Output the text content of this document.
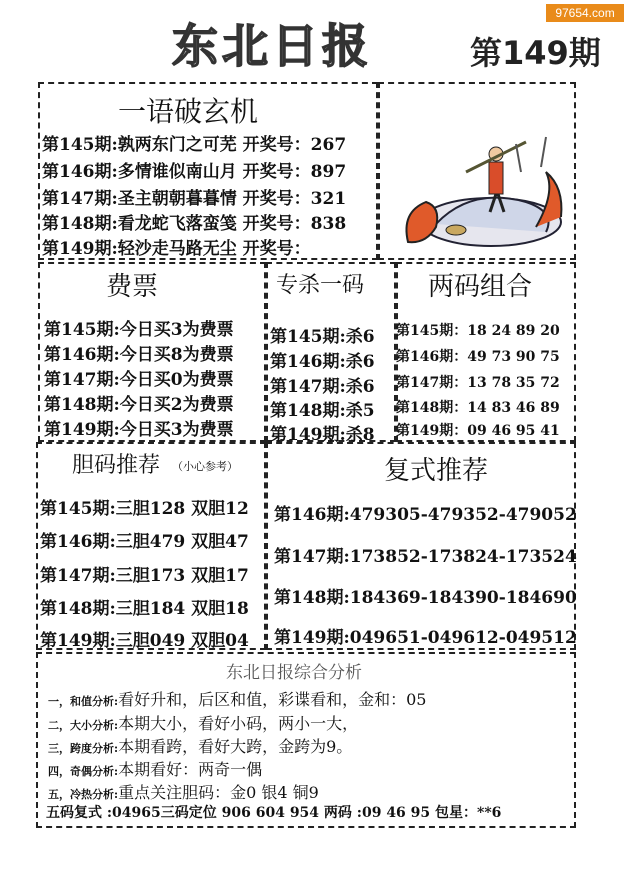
97654.com
东北日报	第149期
一语破玄机
第145期:孰两东门之可芜 开奖号：267
第146期:多情谁似南山月 开奖号：897
第147期:圣主朝朝暮暮情 开奖号：321
第148期:看龙蛇飞落蛮笺 开奖号：838
第149期:轻沙走马路无尘 开奖号：
费票
第145期:今日买3为费票
第146期:今日买8为费票
第147期:今日买0为费票
第148期:今日买2为费票
第149期:今日买3为费票
专杀一码
第145期:杀6
第146期:杀6
第147期:杀6
第148期:杀5
第149期:杀8
两码组合
第145期：18 24 89 20
第146期：49 73 90 75
第147期：13 78 35 72
第148期：14 83 46 89
第149期：09 46 95 41
胆码推荐 （小心参考）
第145期:三胆128 双胆12
第146期:三胆479 双胆47
第147期:三胆173 双胆17
第148期:三胆184 双胆18
第149期:三胆049 双胆04
复式推荐
第146期:479305-479352-479052
第147期:173852-173824-173524
第148期:184369-184390-184690
第149期:049651-049612-049512
东北日报综合分析
一，和值分析:看好升和，后区和值，彩谍看和，金和：05
二，大小分析:本期大小，看好小码，两小一大，
三，跨度分析:本期看跨，看好大跨，金跨为9。
四，奇偶分析:本期看好：两奇一偶
五，冷热分析:重点关注胆码：金0 银4 铜9
五码复式 :04965三码定位 906 604 954 两码 :09 46 95 包星：**6
